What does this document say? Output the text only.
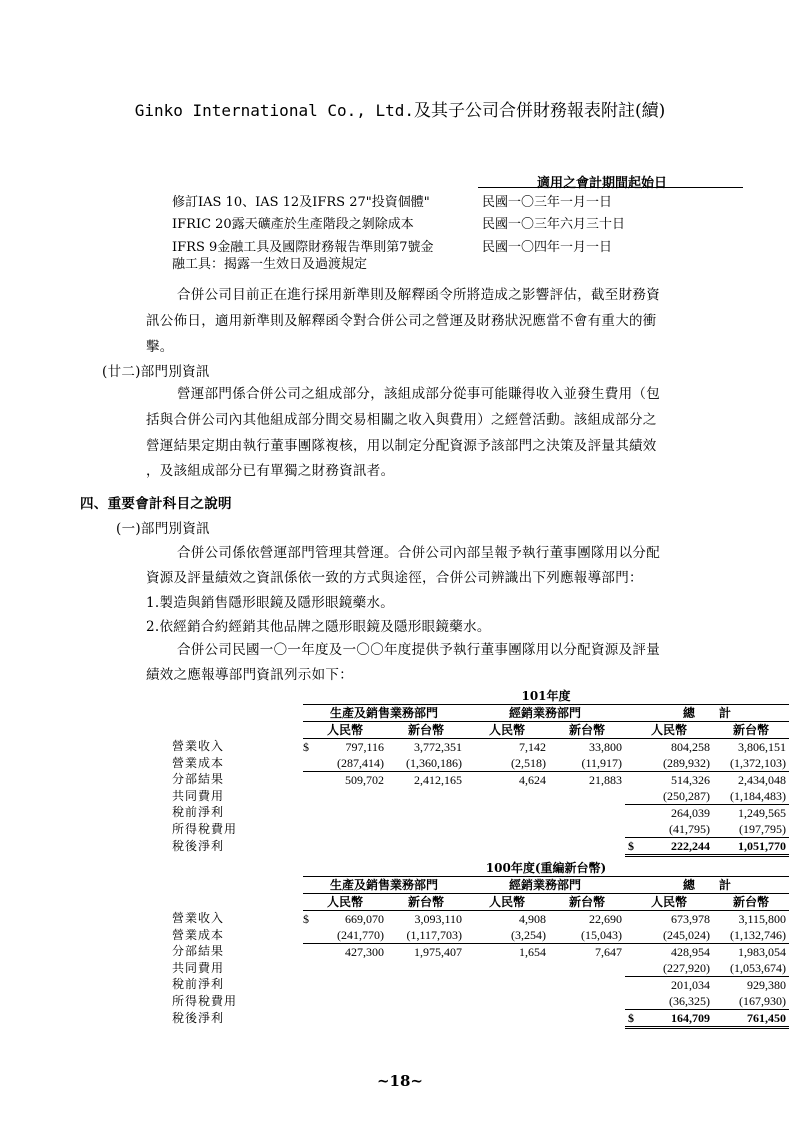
Ginko International Co., Ltd.及其子公司合併財務報表附註(續)
適用之會計期間起始日
修訂IAS 10、IAS 12及IFRS 27"投資個體"	民國一〇三年一月一日
IFRIC 20露天礦產於生產階段之剝除成本	民國一〇三年六月三十日
IFRS 9金融工具及國際財務報告準則第7號金	民國一〇四年一月一日
融工具：揭露一生效日及過渡規定
合併公司目前正在進行採用新準則及解釋函令所將造成之影響評估，截至財務資
訊公佈日，適用新準則及解釋函令對合併公司之營運及財務狀況應當不會有重大的衝
擊。
(廿二)部門別資訊
營運部門係合併公司之組成部分，該組成部分從事可能賺得收入並發生費用（包
括與合併公司內其他組成部分間交易相關之收入與費用）之經營活動。該組成部分之
營運結果定期由執行董事團隊複核，用以制定分配資源予該部門之決策及評量其績效
，及該組成部分已有單獨之財務資訊者。
四、重要會計科目之說明
(一)部門別資訊
合併公司係依營運部門管理其營運。合併公司內部呈報予執行董事團隊用以分配
資源及評量績效之資訊係依一致的方式與途徑，合併公司辨識出下列應報導部門：
1.製造與銷售隱形眼鏡及隱形眼鏡藥水。
2.依經銷合約經銷其他品牌之隱形眼鏡及隱形眼鏡藥水。
合併公司民國一〇一年度及一〇〇年度提供予執行董事團隊用以分配資源及評量
績效之應報導部門資訊列示如下：
	101年度						
	生產及銷售業務部門			經銷業務部門		總　　計	
	人民幣		新台幣	人民幣	新台幣	人民幣	新台幣
營業收入	$	797,116	3,772,351	7,142	33,800	804,258	3,806,151
營業成本		(287,414)	(1,360,186)	(2,518)	(11,917)	(289,932)	(1,372,103)
分部結果		509,702	2,412,165	4,624	21,883	514,326	2,434,048
共同費用						(250,287)	(1,184,483)
稅前淨利						264,039	1,249,565
所得稅費用						(41,795)	(197,795)
稅後淨利						$ 222,244	1,051,770
	100年度(重編新台幣)						
	生產及銷售業務部門			經銷業務部門		總　　計	
	人民幣		新台幣	人民幣	新台幣	人民幣	新台幣
營業收入	$	669,070	3,093,110	4,908	22,690	673,978	3,115,800
營業成本		(241,770)	(1,117,703)	(3,254)	(15,043)	(245,024)	(1,132,746)
分部結果		427,300	1,975,407	1,654	7,647	428,954	1,983,054
共同費用						(227,920)	(1,053,674)
稅前淨利						201,034	929,380
所得稅費用						(36,325)	(167,930)
稅後淨利						$ 164,709	761,450
~18~
